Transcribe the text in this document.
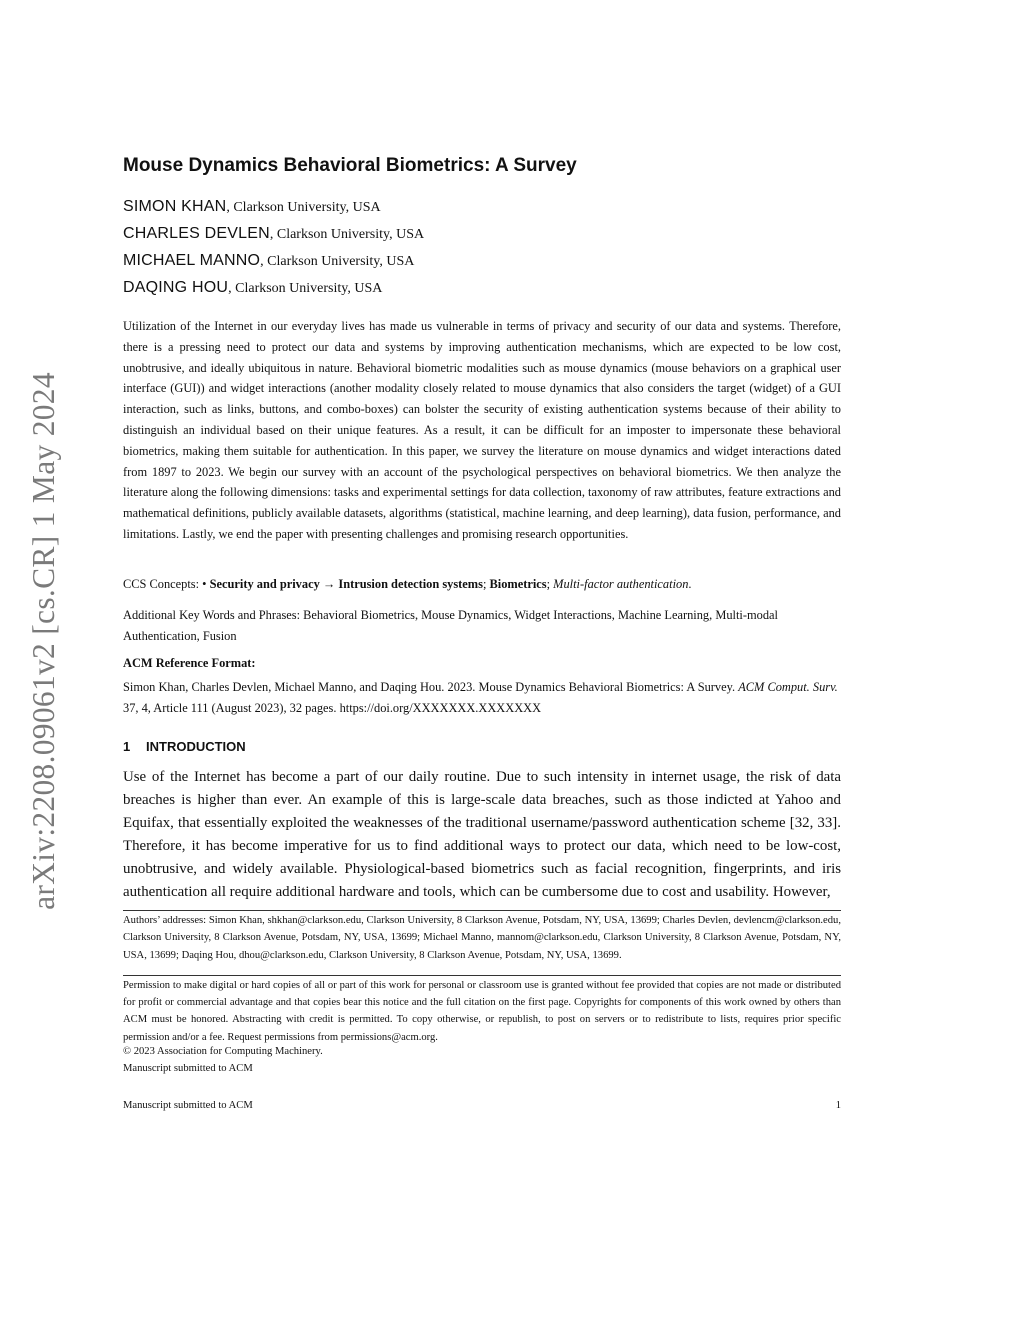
arXiv:2208.09061v2 [cs.CR] 1 May 2024
Mouse Dynamics Behavioral Biometrics: A Survey
SIMON KHAN, Clarkson University, USA
CHARLES DEVLEN, Clarkson University, USA
MICHAEL MANNO, Clarkson University, USA
DAQING HOU, Clarkson University, USA

Utilization of the Internet in our everyday lives has made us vulnerable in terms of privacy and security of our data and systems. Therefore, there is a pressing need to protect our data and systems by improving authentication mechanisms, which are expected to be low cost, unobtrusive, and ideally ubiquitous in nature. Behavioral biometric modalities such as mouse dynamics (mouse behaviors on a graphical user interface (GUI)) and widget interactions (another modality closely related to mouse dynamics that also considers the target (widget) of a GUI interaction, such as links, buttons, and combo-boxes) can bolster the security of existing authentication systems because of their ability to distinguish an individual based on their unique features. As a result, it can be difficult for an imposter to impersonate these behavioral biometrics, making them suitable for authentication. In this paper, we survey the literature on mouse dynamics and widget interactions dated from 1897 to 2023. We begin our survey with an account of the psychological perspectives on behavioral biometrics. We then analyze the literature along the following dimensions: tasks and experimental settings for data collection, taxonomy of raw attributes, feature extractions and mathematical definitions, publicly available datasets, algorithms (statistical, machine learning, and deep learning), data fusion, performance, and limitations. Lastly, we end the paper with presenting challenges and promising research opportunities.

CCS Concepts: • Security and privacy → Intrusion detection systems; Biometrics; Multi-factor authentication.

Additional Key Words and Phrases: Behavioral Biometrics, Mouse Dynamics, Widget Interactions, Machine Learning, Multi-modal Authentication, Fusion

ACM Reference Format:

Simon Khan, Charles Devlen, Michael Manno, and Daqing Hou. 2023. Mouse Dynamics Behavioral Biometrics: A Survey. ACM Comput. Surv. 37, 4, Article 111 (August 2023), 32 pages. https://doi.org/XXXXXXX.XXXXXXX

1 INTRODUCTION

Use of the Internet has become a part of our daily routine. Due to such intensity in internet usage, the risk of data breaches is higher than ever. An example of this is large-scale data breaches, such as those indicted at Yahoo and Equifax, that essentially exploited the weaknesses of the traditional username/password authentication scheme [32, 33]. Therefore, it has become imperative for us to find additional ways to protect our data, which need to be low-cost, unobtrusive, and widely available. Physiological-based biometrics such as facial recognition, fingerprints, and iris authentication all require additional hardware and tools, which can be cumbersome due to cost and usability. However,

Authors’ addresses: Simon Khan, shkhan@clarkson.edu, Clarkson University, 8 Clarkson Avenue, Potsdam, NY, USA, 13699; Charles Devlen, devlencm@clarkson.edu, Clarkson University, 8 Clarkson Avenue, Potsdam, NY, USA, 13699; Michael Manno, mannom@clarkson.edu, Clarkson University, 8 Clarkson Avenue, Potsdam, NY, USA, 13699; Daqing Hou, dhou@clarkson.edu, Clarkson University, 8 Clarkson Avenue, Potsdam, NY, USA, 13699.

Permission to make digital or hard copies of all or part of this work for personal or classroom use is granted without fee provided that copies are not made or distributed for profit or commercial advantage and that copies bear this notice and the full citation on the first page. Copyrights for components of this work owned by others than ACM must be honored. Abstracting with credit is permitted. To copy otherwise, or republish, to post on servers or to redistribute to lists, requires prior specific permission and/or a fee. Request permissions from permissions@acm.org.

© 2023 Association for Computing Machinery.
Manuscript submitted to ACM
Manuscript submitted to ACM	1
